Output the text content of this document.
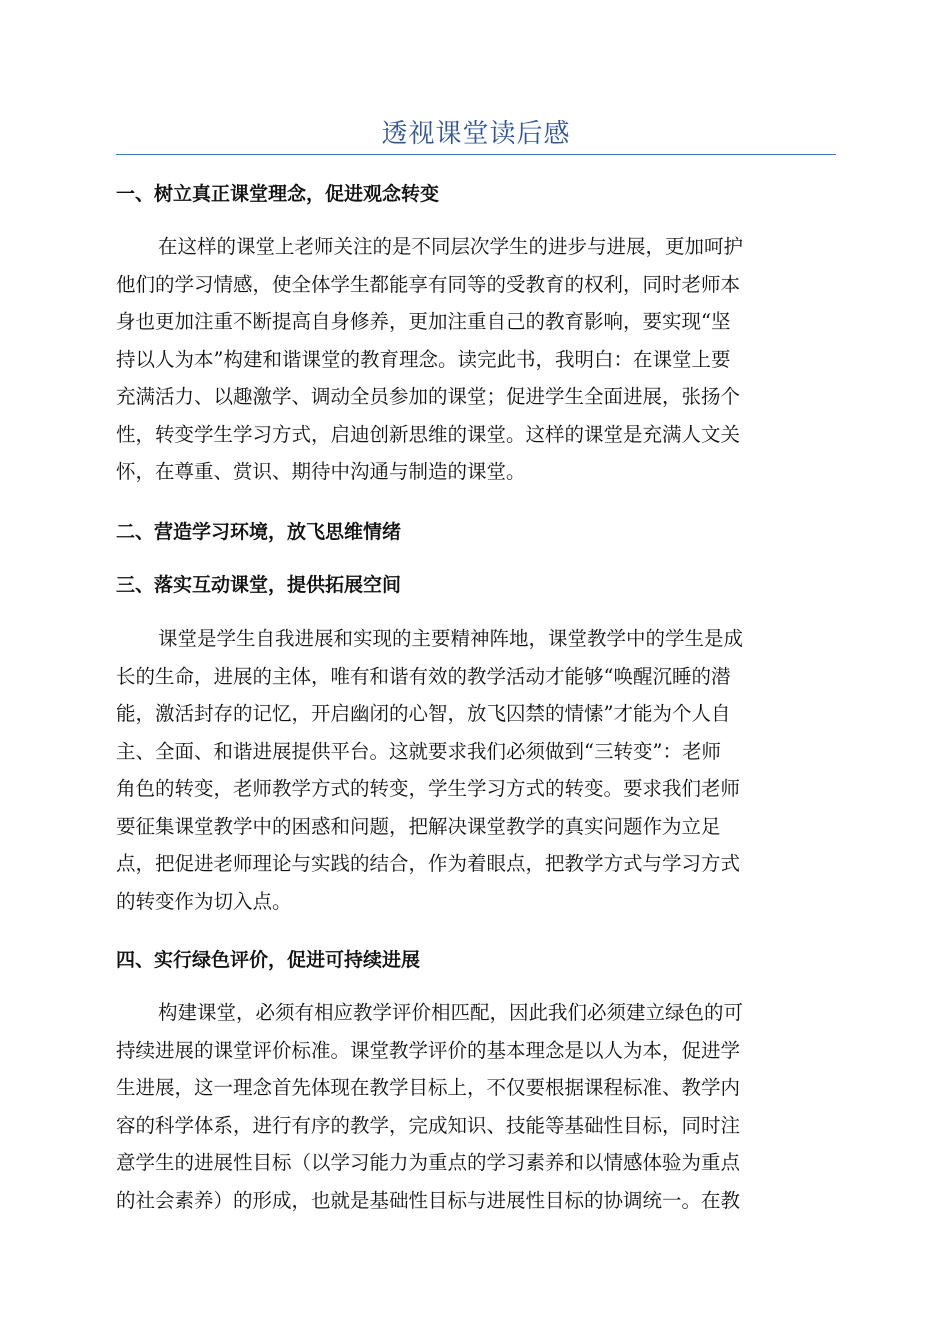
透视课堂读后感
一、树立真正课堂理念，促进观念转变
在这样的课堂上老师关注的是不同层次学生的进步与进展，更加呵护
他们的学习情感，使全体学生都能享有同等的受教育的权利，同时老师本
身也更加注重不断提高自身修养，更加注重自己的教育影响，要实现“坚
持以人为本”构建和谐课堂的教育理念。读完此书，我明白：在课堂上要
充满活力、以趣激学、调动全员参加的课堂；促进学生全面进展，张扬个
性，转变学生学习方式，启迪创新思维的课堂。这样的课堂是充满人文关
怀，在尊重、赏识、期待中沟通与制造的课堂。
二、营造学习环境，放飞思维情绪
三、落实互动课堂，提供拓展空间
课堂是学生自我进展和实现的主要精神阵地，课堂教学中的学生是成
长的生命，进展的主体，唯有和谐有效的教学活动才能够“唤醒沉睡的潜
能，激活封存的记忆，开启幽闭的心智，放飞囚禁的情愫”才能为个人自
主、全面、和谐进展提供平台。这就要求我们必须做到“三转变”：老师
角色的转变，老师教学方式的转变，学生学习方式的转变。要求我们老师
要征集课堂教学中的困惑和问题，把解决课堂教学的真实问题作为立足
点，把促进老师理论与实践的结合，作为着眼点，把教学方式与学习方式
的转变作为切入点。
四、实行绿色评价，促进可持续进展
构建课堂，必须有相应教学评价相匹配，因此我们必须建立绿色的可
持续进展的课堂评价标准。课堂教学评价的基本理念是以人为本，促进学
生进展，这一理念首先体现在教学目标上，不仅要根据课程标准、教学内
容的科学体系，进行有序的教学，完成知识、技能等基础性目标，同时注
意学生的进展性目标（以学习能力为重点的学习素养和以情感体验为重点
的社会素养）的形成，也就是基础性目标与进展性目标的协调统一。在教
